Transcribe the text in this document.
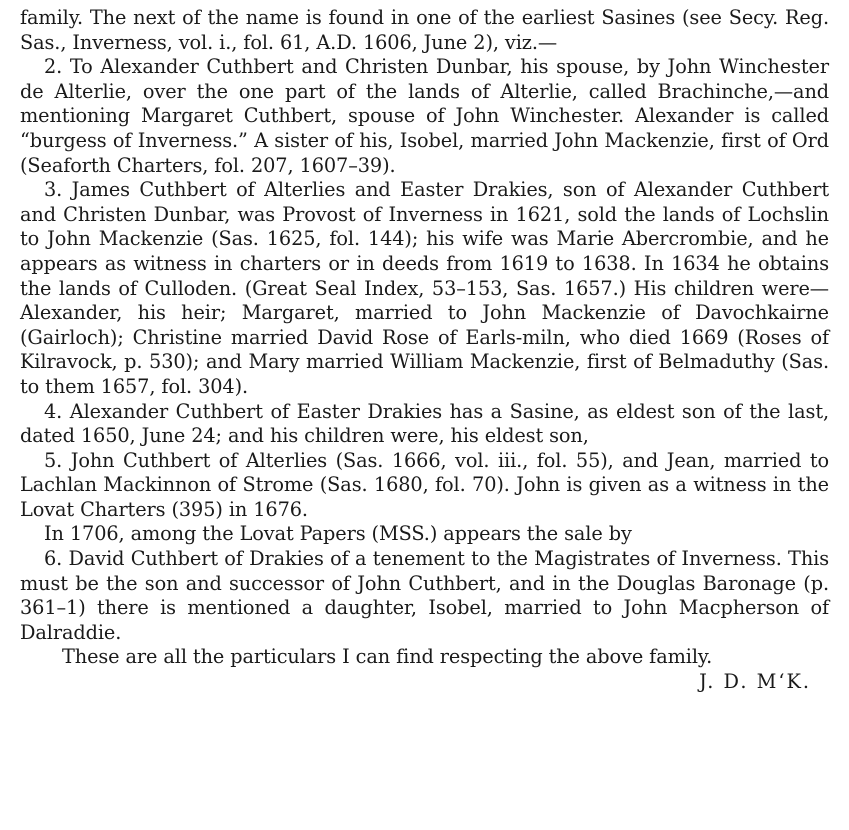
family. The next of the name is found in one of the earliest Sasines (see Secy. Reg. Sas., Inverness, vol. i., fol. 61, A.D. 1606, June 2), viz.—

2. To Alexander Cuthbert and Christen Dunbar, his spouse, by John Winchester de Alterlie, over the one part of the lands of Alterlie, called Brachinche,—and mentioning Margaret Cuthbert, spouse of John Winchester. Alexander is called “burgess of Inverness.” A sister of his, Isobel, married John Mackenzie, first of Ord (Seaforth Charters, fol. 207, 1607–39).

3. James Cuthbert of Alterlies and Easter Drakies, son of Alexander Cuthbert and Christen Dunbar, was Provost of Inverness in 1621, sold the lands of Lochslin to John Mackenzie (Sas. 1625, fol. 144); his wife was Marie Abercrombie, and he appears as witness in charters or in deeds from 1619 to 1638. In 1634 he obtains the lands of Culloden. (Great Seal Index, 53–153, Sas. 1657.) His children were—Alexander, his heir; Margaret, married to John Mackenzie of Davochkairne (Gairloch); Christine married David Rose of Earls-miln, who died 1669 (Roses of Kilravock, p. 530); and Mary married William Mackenzie, first of Belmaduthy (Sas. to them 1657, fol. 304).

4. Alexander Cuthbert of Easter Drakies has a Sasine, as eldest son of the last, dated 1650, June 24; and his children were, his eldest son,

5. John Cuthbert of Alterlies (Sas. 1666, vol. iii., fol. 55), and Jean, married to Lachlan Mackinnon of Strome (Sas. 1680, fol. 70). John is given as a witness in the Lovat Charters (395) in 1676.

In 1706, among the Lovat Papers (MSS.) appears the sale by

6. David Cuthbert of Drakies of a tenement to the Magistrates of Inverness. This must be the son and successor of John Cuthbert, and in the Douglas Baronage (p. 361–1) there is mentioned a daughter, Isobel, married to John Macpherson of Dalraddie.

These are all the particulars I can find respecting the above family.

J. D. MʻK.
